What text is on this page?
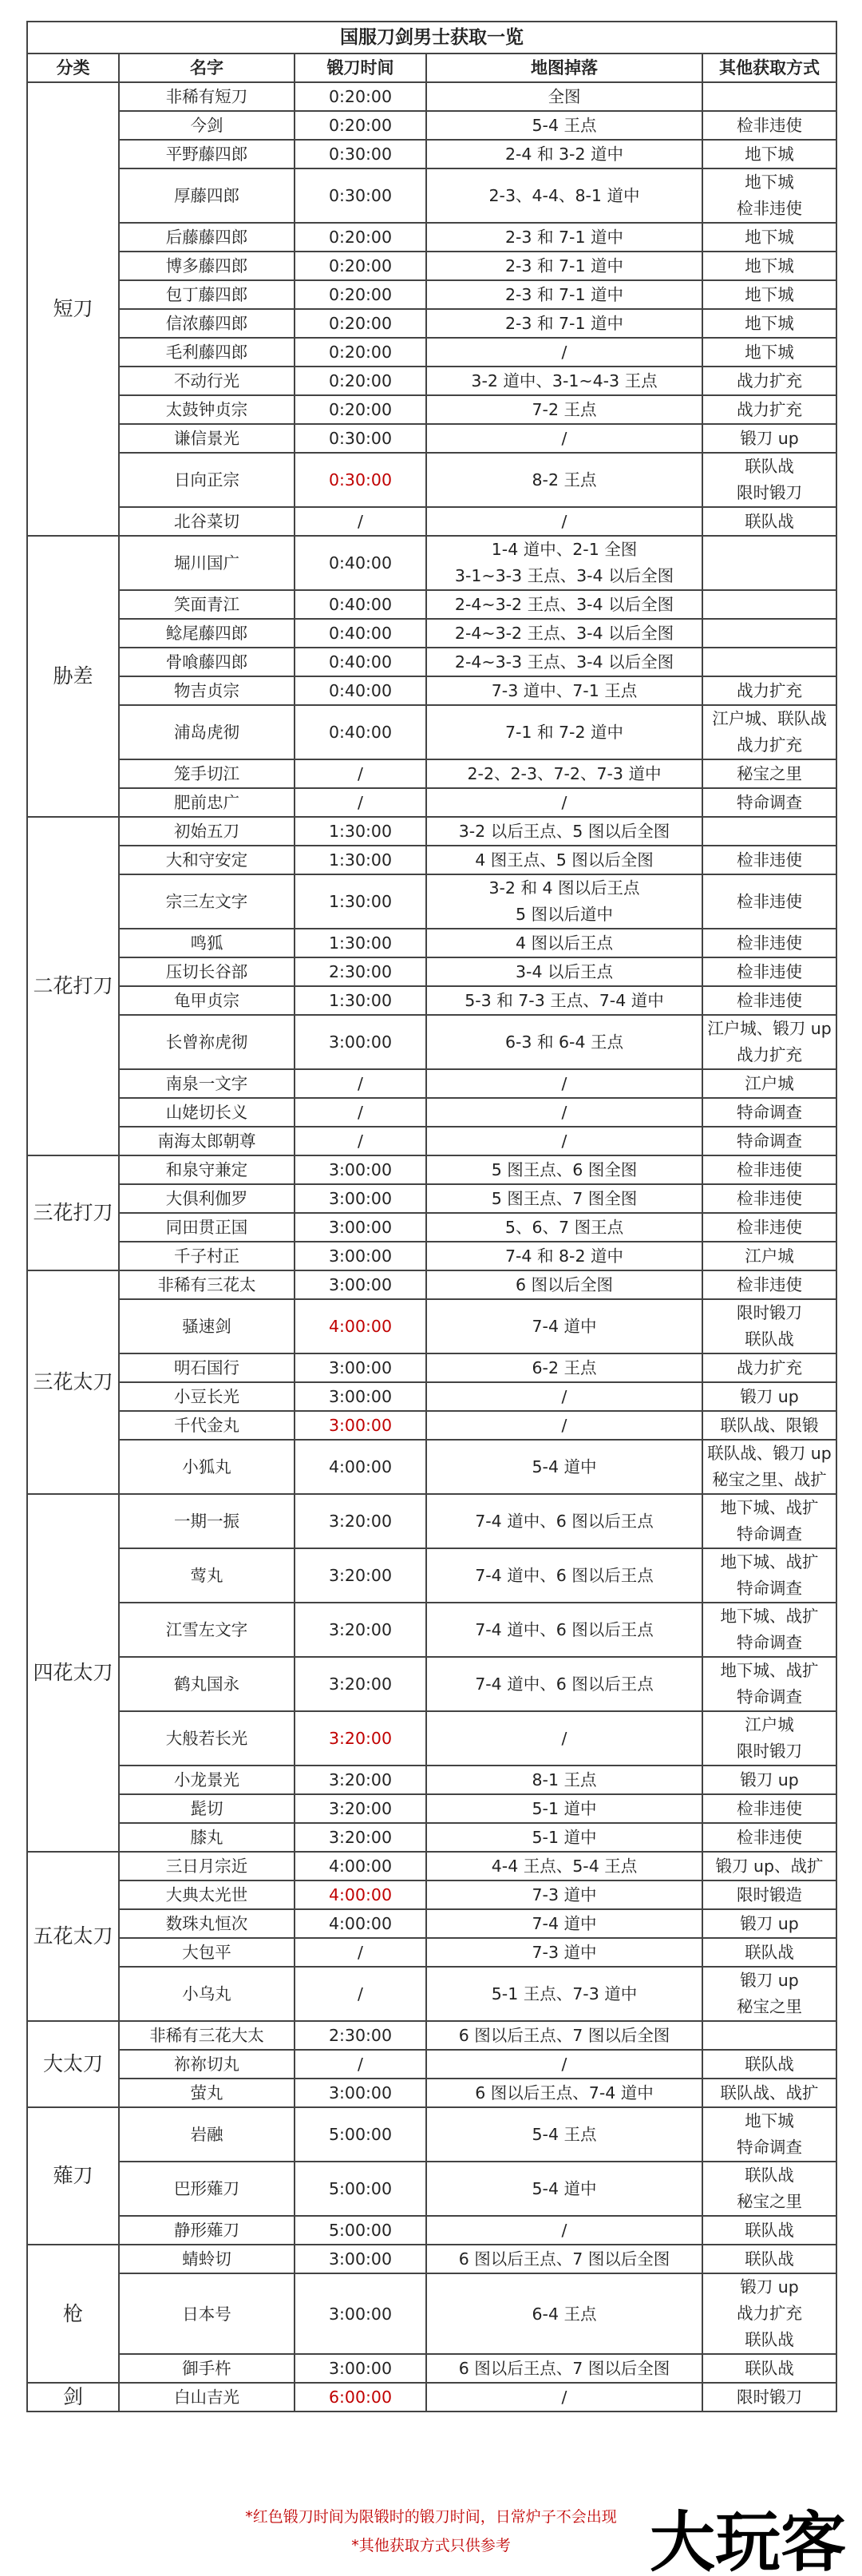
国服刀剑男士获取一览				
分类	名字	锻刀时间	地图掉落	其他获取方式
短刀	非稀有短刀	0:20:00	全图	

	今剑	0:20:00	5-4 王点	检非违使

	平野藤四郎	0:30:00	2-4 和 3-2 道中	地下城

	厚藤四郎	0:30:00	2-3、4-4、8-1 道中	地下城
检非违使

	后藤藤四郎	0:20:00	2-3 和 7-1 道中	地下城

	博多藤四郎	0:20:00	2-3 和 7-1 道中	地下城

	包丁藤四郎	0:20:00	2-3 和 7-1 道中	地下城

	信浓藤四郎	0:20:00	2-3 和 7-1 道中	地下城

	毛利藤四郎	0:20:00	/	地下城

	不动行光	0:20:00	3-2 道中、3-1~4-3 王点	战力扩充

	太鼓钟贞宗	0:20:00	7-2 王点	战力扩充

	谦信景光	0:30:00	/	锻刀 up

	日向正宗	0:30:00	8-2 王点	联队战
限时锻刀

	北谷菜切	/	/	联队战

胁差	堀川国广	0:40:00	1-4 道中、2-1 全图
3-1~3-3 王点、3-4 以后全图	

	笑面青江	0:40:00	2-4~3-2 王点、3-4 以后全图	

	鲶尾藤四郎	0:40:00	2-4~3-2 王点、3-4 以后全图	

	骨喰藤四郎	0:40:00	2-4~3-3 王点、3-4 以后全图	

	物吉贞宗	0:40:00	7-3 道中、7-1 王点	战力扩充

	浦岛虎彻	0:40:00	7-1 和 7-2 道中	江户城、联队战
战力扩充

	笼手切江	/	2-2、2-3、7-2、7-3 道中	秘宝之里

	肥前忠广	/	/	特命调查

二花打刀	初始五刀	1:30:00	3-2 以后王点、5 图以后全图	

	大和守安定	1:30:00	4 图王点、5 图以后全图	检非违使

	宗三左文字	1:30:00	3-2 和 4 图以后王点
5 图以后道中	检非违使

	鸣狐	1:30:00	4 图以后王点	检非违使

	压切长谷部	2:30:00	3-4 以后王点	检非违使

	龟甲贞宗	1:30:00	5-3 和 7-3 王点、7-4 道中	检非违使

	长曾祢虎彻	3:00:00	6-3 和 6-4 王点	江户城、锻刀 up
战力扩充

	南泉一文字	/	/	江户城

	山姥切长义	/	/	特命调查

	南海太郎朝尊	/	/	特命调查

三花打刀	和泉守兼定	3:00:00	5 图王点、6 图全图	检非违使

	大俱利伽罗	3:00:00	5 图王点、7 图全图	检非违使

	同田贯正国	3:00:00	5、6、7 图王点	检非违使

	千子村正	3:00:00	7-4 和 8-2 道中	江户城

三花太刀	非稀有三花太	3:00:00	6 图以后全图	检非违使

	骚速剑	4:00:00	7-4 道中	限时锻刀
联队战

	明石国行	3:00:00	6-2 王点	战力扩充

	小豆长光	3:00:00	/	锻刀 up

	千代金丸	3:00:00	/	联队战、限锻

	小狐丸	4:00:00	5-4 道中	联队战、锻刀 up
秘宝之里、战扩

四花太刀	一期一振	3:20:00	7-4 道中、6 图以后王点	地下城、战扩
特命调查

	莺丸	3:20:00	7-4 道中、6 图以后王点	地下城、战扩
特命调查

	江雪左文字	3:20:00	7-4 道中、6 图以后王点	地下城、战扩
特命调查

	鹤丸国永	3:20:00	7-4 道中、6 图以后王点	地下城、战扩
特命调查

	大般若长光	3:20:00	/	江户城
限时锻刀

	小龙景光	3:20:00	8-1 王点	锻刀 up

	髭切	3:20:00	5-1 道中	检非违使

	膝丸	3:20:00	5-1 道中	检非违使

五花太刀	三日月宗近	4:00:00	4-4 王点、5-4 王点	锻刀 up、战扩

	大典太光世	4:00:00	7-3 道中	限时锻造

	数珠丸恒次	4:00:00	7-4 道中	锻刀 up

	大包平	/	7-3 道中	联队战

	小乌丸	/	5-1 王点、7-3 道中	锻刀 up
秘宝之里

大太刀	非稀有三花大太	2:30:00	6 图以后王点、7 图以后全图	

	祢祢切丸	/	/	联队战

	萤丸	3:00:00	6 图以后王点、7-4 道中	联队战、战扩

薙刀	岩融	5:00:00	5-4 王点	地下城
特命调查

	巴形薙刀	5:00:00	5-4 道中	联队战
秘宝之里

	静形薙刀	5:00:00	/	联队战

枪	蜻蛉切	3:00:00	6 图以后王点、7 图以后全图	联队战

	日本号	3:00:00	6-4 王点	锻刀 up
战力扩充
联队战

	御手杵	3:00:00	6 图以后王点、7 图以后全图	联队战

剑	白山吉光	6:00:00	/	限时锻刀
*红色锻刀时间为限锻时的锻刀时间，日常炉子不会出现
*其他获取方式只供参考	大玩客
